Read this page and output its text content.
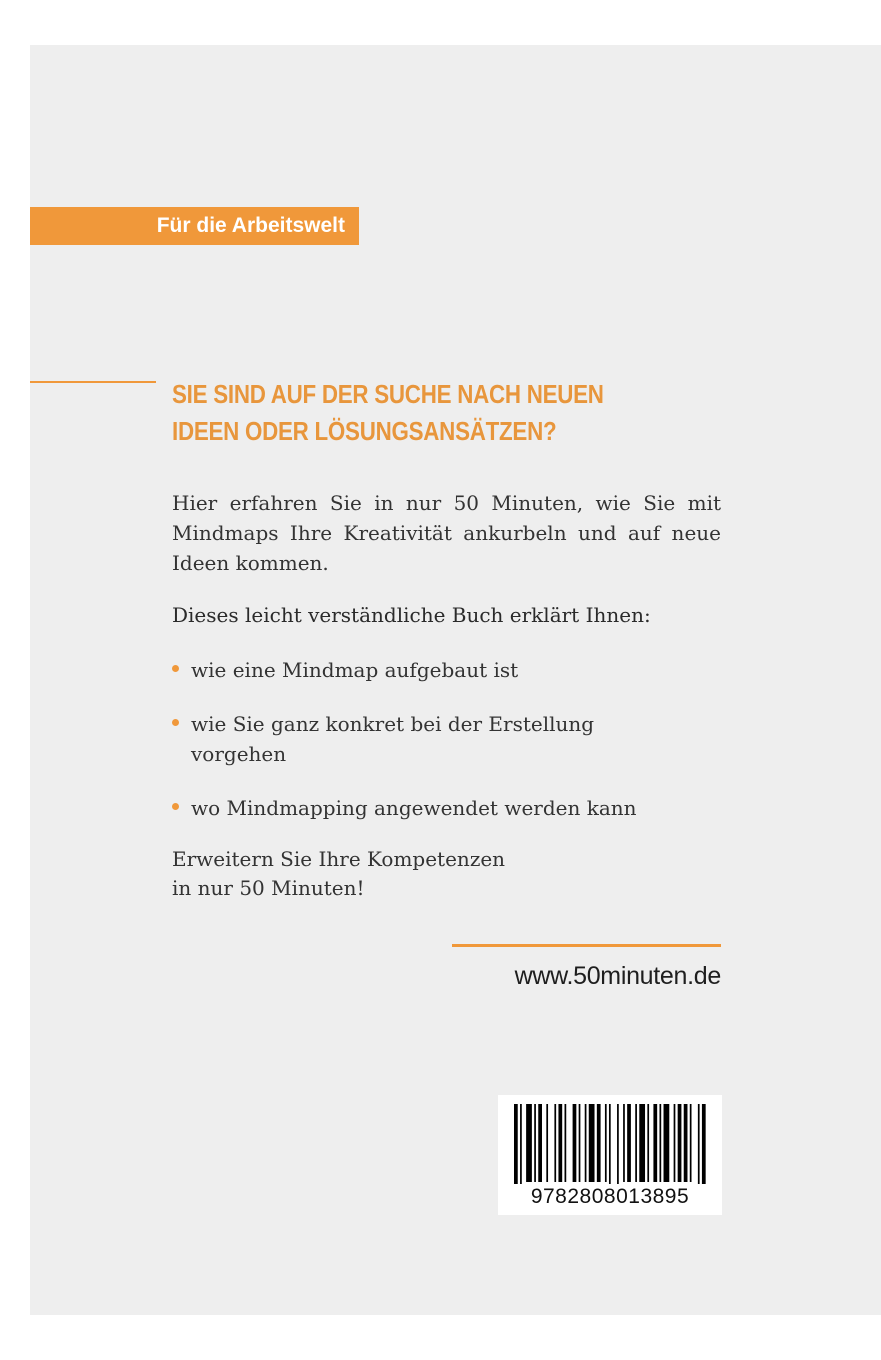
Für die Arbeitswelt
SIE SIND AUF DER SUCHE NACH NEUEN IDEEN ODER LÖSUNGSANSÄTZEN?

Hier erfahren Sie in nur 50 Minuten, wie Sie mit Mindmaps Ihre Kreativität ankurbeln und auf neue Ideen kommen.

Dieses leicht verständliche Buch erklärt Ihnen:
wie eine Mindmap aufgebaut ist
wie Sie ganz konkret bei der Erstellung vorgehen
wo Mindmapping angewendet werden kann
Erweitern Sie Ihre Kompetenzen
in nur 50 Minuten!
www.50minuten.de
9782808013895
